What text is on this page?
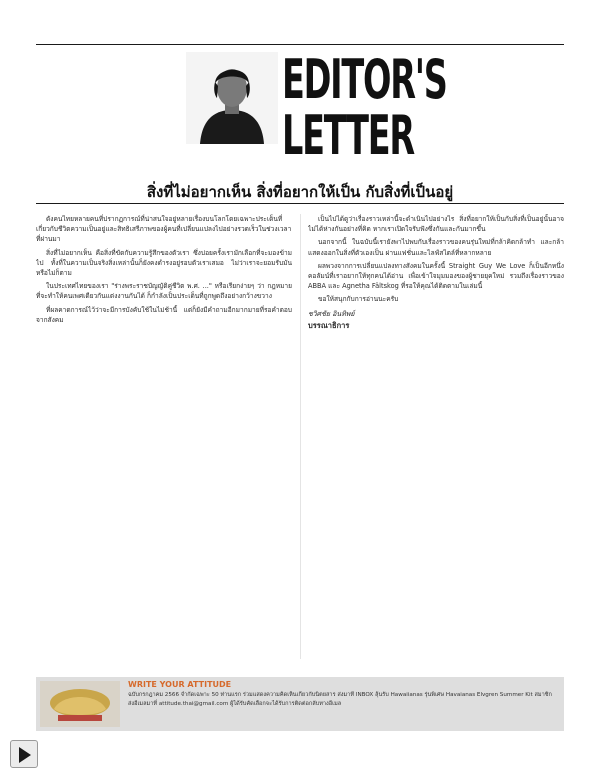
EDITOR'S
LETTER
สิ่งที่ไม่อยากเห็น สิ่งที่อยากให้เป็น กับสิ่งที่เป็นอยู่

ดังคนไทยหลายคนที่ปรากฏการณ์ที่น่าสนใจอยู่หลายเรื่องบนโลกโดยเฉพาะประเด็นที่เกี่ยวกับชีวิตความเป็นอยู่และสิทธิเสรีภาพของผู้คนที่เปลี่ยนแปลงไปอย่างรวดเร็วในช่วงเวลาที่ผ่านมา

สิ่งที่ไม่อยากเห็น คือสิ่งที่ขัดกับความรู้สึกของตัวเรา ซึ่งบ่อยครั้งเรามักเลือกที่จะมองข้ามไป ทั้งที่ในความเป็นจริงสิ่งเหล่านั้นก็ยังคงดำรงอยู่รอบตัวเราเสมอ ไม่ว่าเราจะยอมรับมันหรือไม่ก็ตาม

ในประเทศไทยของเรา "ร่างพระราชบัญญัติคู่ชีวิต พ.ศ. ..." หรือเรียกง่ายๆ ว่า กฎหมายที่จะทำให้คนเพศเดียวกันแต่งงานกันได้ ก็กำลังเป็นประเด็นที่ถูกพูดถึงอย่างกว้างขวาง

ที่ผลคาดการณ์ไว้ว่าจะมีการบังคับใช้ในไม่ช้านี้ แต่ก็ยังมีคำถามอีกมากมายที่รอคำตอบจากสังคม

เป็นไปได้ดูว่าเรื่องราวเหล่านี้จะดำเนินไปอย่างไร สิ่งที่อยากให้เป็นกับสิ่งที่เป็นอยู่นั้นอาจไม่ได้ห่างกันอย่างที่คิด หากเราเปิดใจรับฟังซึ่งกันและกันมากขึ้น

นอกจากนี้ ในฉบับนี้เรายังพาไปพบกับเรื่องราวของคนรุ่นใหม่ที่กล้าคิดกล้าทำ และกล้าแสดงออกในสิ่งที่ตัวเองเป็น ผ่านแฟชั่นและไลฟ์สไตล์ที่หลากหลาย

ผลพวงจากการเปลี่ยนแปลงทางสังคมในครั้งนี้ Straight Guy We Love ก็เป็นอีกหนึ่งคอลัมน์ที่เราอยากให้ทุกคนได้อ่าน เพื่อเข้าใจมุมมองของผู้ชายยุคใหม่ รวมถึงเรื่องราวของ ABBA และ Agnetha Fältskog ที่รอให้คุณได้ติดตามในเล่มนี้

ขอให้สนุกกับการอ่านนะครับ

ชวิศชัย อินทิพย์
บรรณาธิการ
WRITE YOUR ATTITUDE
ฉบับกรกฎาคม 2566 จำกัดเฉพาะ 50 ท่านแรก ร่วมแสดงความคิดเห็นเกี่ยวกับนิตยสาร ส่งมาที่ INBOX ลุ้นรับ Hawaiianas รุ่นพิเศษ Havaianas Elvgren Summer Kit สมาชิกส่งอีเมลมาที่ attitude.thai@gmail.com ผู้ได้รับคัดเลือกจะได้รับการติดต่อกลับทางอีเมล
